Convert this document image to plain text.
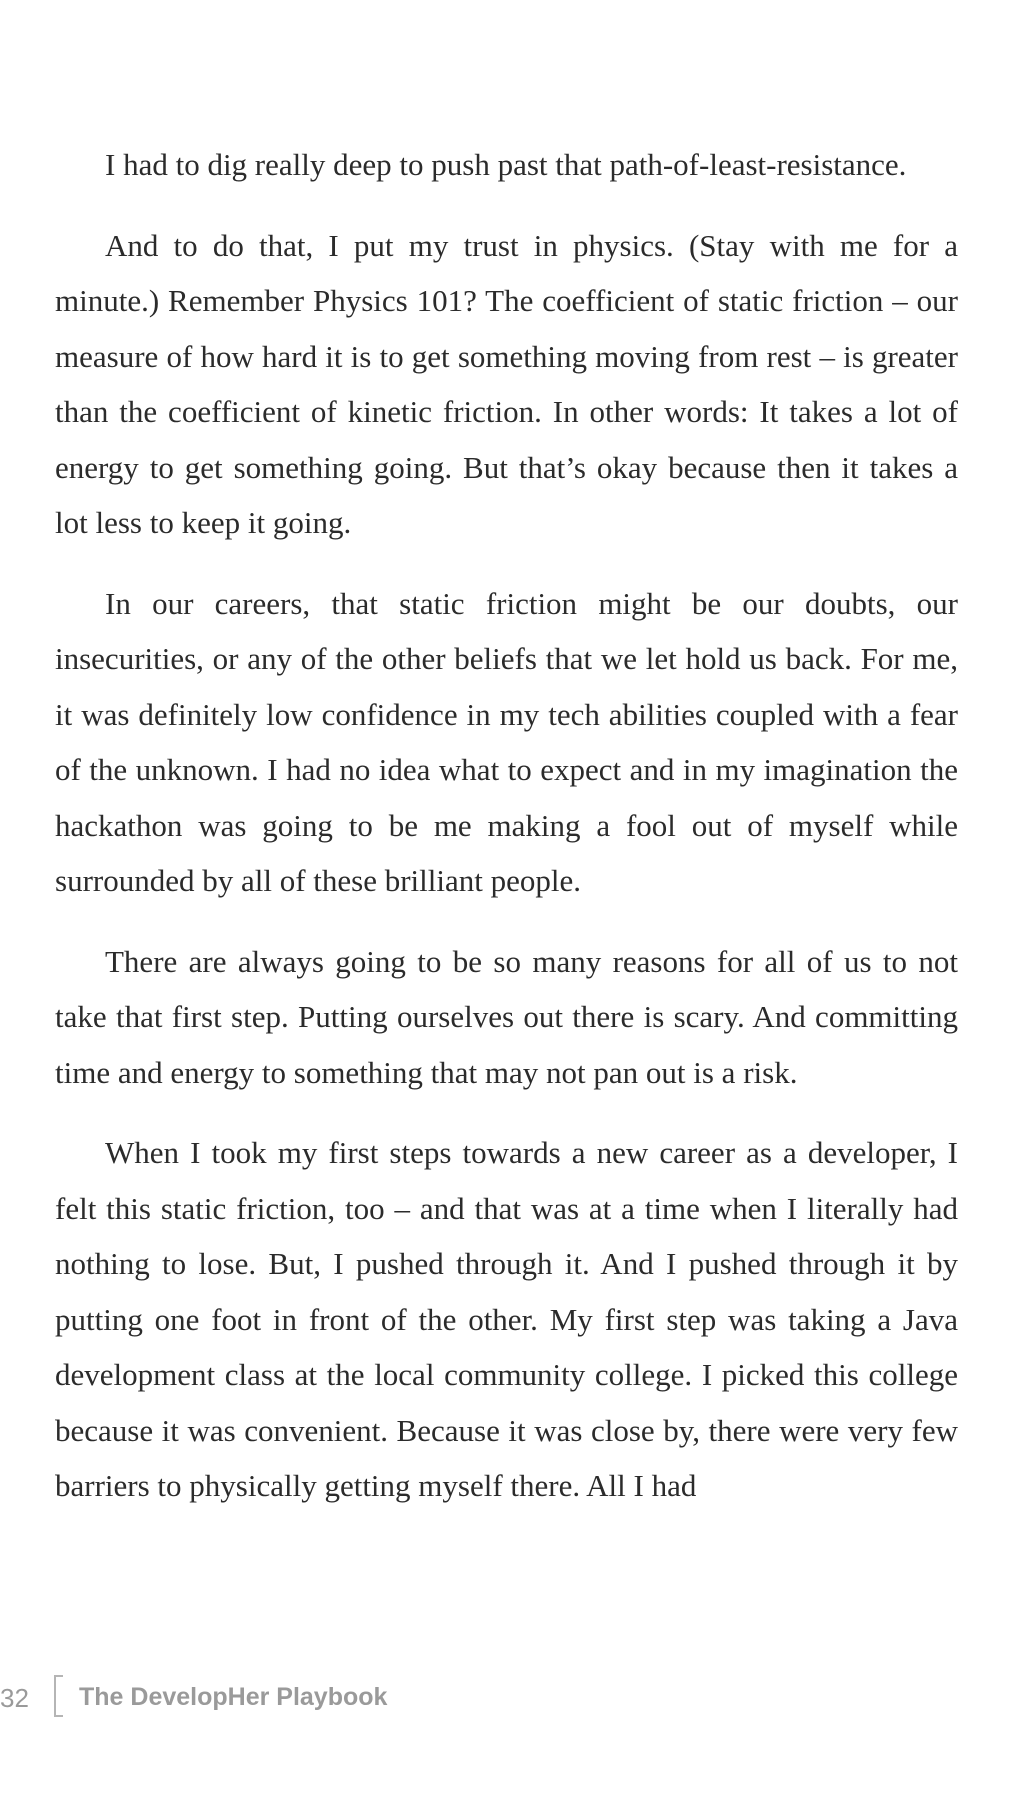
I had to dig really deep to push past that path-of-least-resistance.

And to do that, I put my trust in physics. (Stay with me for a minute.) Remember Physics 101? The coefficient of static friction – our measure of how hard it is to get something moving from rest – is greater than the coefficient of kinetic friction. In other words: It takes a lot of energy to get something going. But that’s okay because then it takes a lot less to keep it going.

In our careers, that static friction might be our doubts, our insecurities, or any of the other beliefs that we let hold us back. For me, it was definitely low confidence in my tech abilities coupled with a fear of the unknown. I had no idea what to expect and in my imagination the hackathon was going to be me making a fool out of myself while surrounded by all of these brilliant people.

There are always going to be so many reasons for all of us to not take that first step. Putting ourselves out there is scary. And committing time and energy to something that may not pan out is a risk.

When I took my first steps towards a new career as a developer, I felt this static friction, too – and that was at a time when I literally had nothing to lose. But, I pushed through it. And I pushed through it by putting one foot in front of the other. My first step was taking a Java development class at the local community college. I picked this college because it was convenient. Because it was close by, there were very few barriers to physically getting myself there. All I had

32 The DevelopHer Playbook
